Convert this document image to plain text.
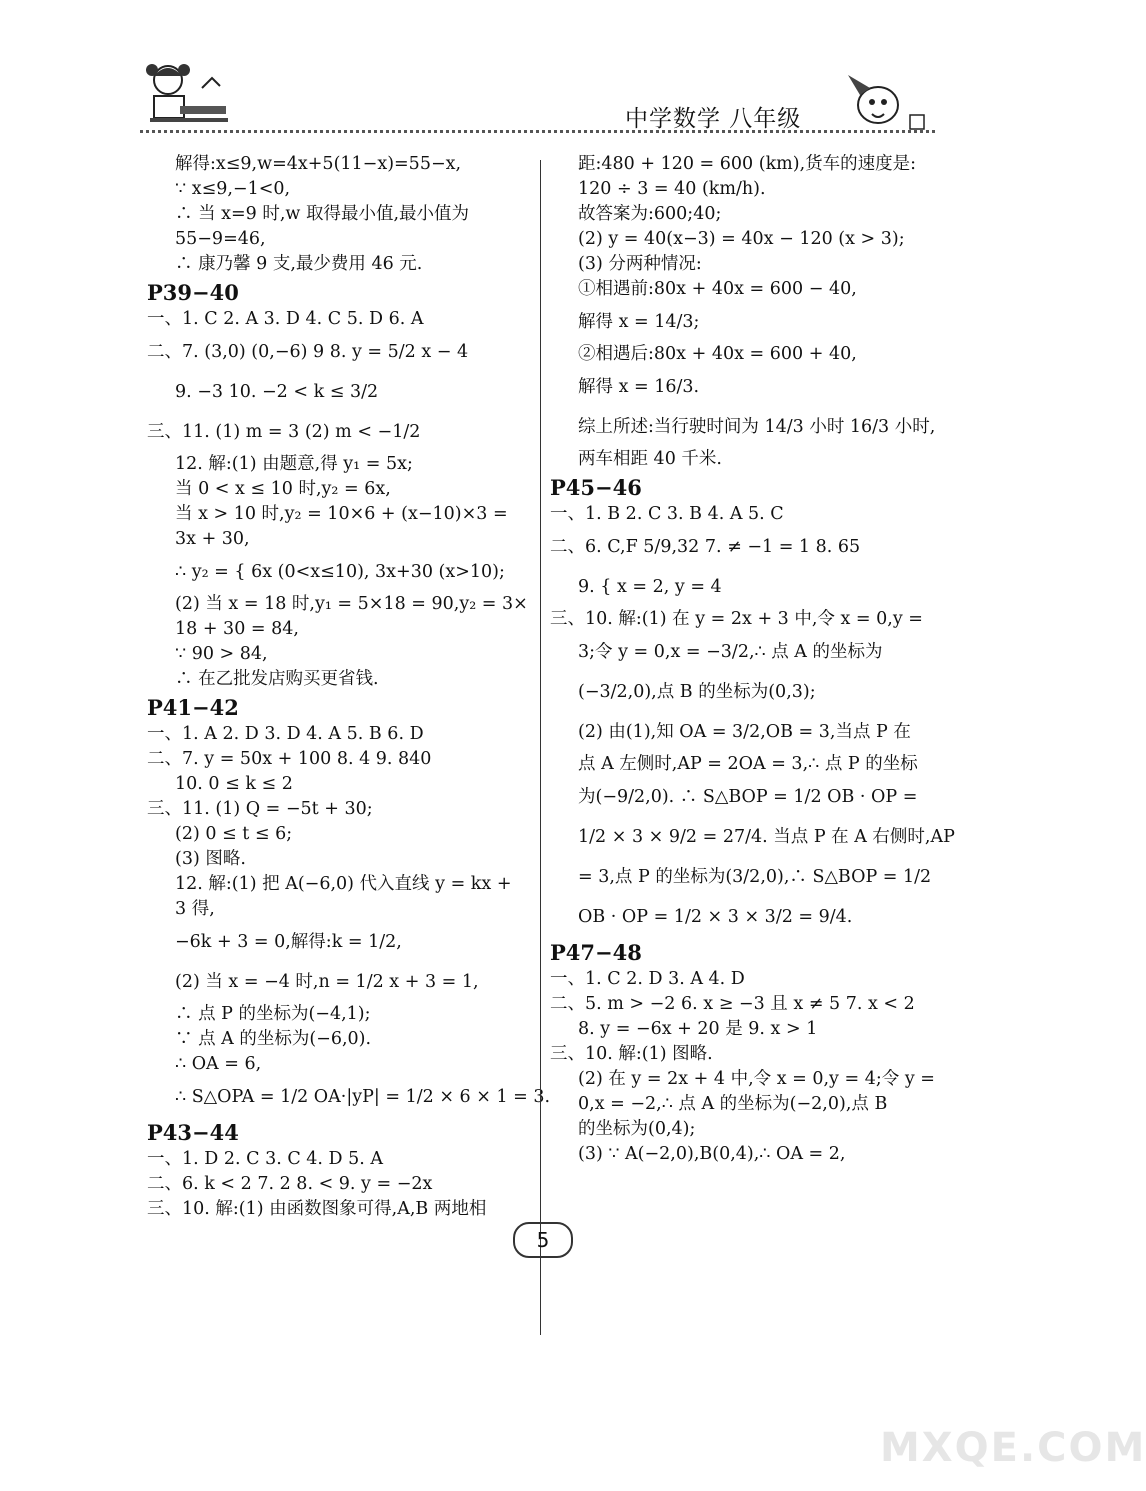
中学数学 八年级
解得:x≤9,w=4x+5(11−x)=55−x,
∵ x≤9,−1<0,
∴ 当 x=9 时,w 取得最小值,最小值为
55−9=46,
∴ 康乃馨 9 支,最少费用 46 元.
P39−40
一、1. C 2. A 3. D 4. C 5. D 6. A
二、7. (3,0) (0,−6) 9 8. y = 5/2 x − 4
9. −3 10. −2 < k ≤ 3/2
三、11. (1) m = 3 (2) m < −1/2
12. 解:(1) 由题意,得 y₁ = 5x;
当 0 < x ≤ 10 时,y₂ = 6x,
当 x > 10 时,y₂ = 10×6 + (x−10)×3 =
3x + 30,
∴ y₂ = { 6x (0<x≤10), 3x+30 (x>10);
(2) 当 x = 18 时,y₁ = 5×18 = 90,y₂ = 3×
18 + 30 = 84,
∵ 90 > 84,
∴ 在乙批发店购买更省钱.
P41−42
一、1. A 2. D 3. D 4. A 5. B 6. D
二、7. y = 50x + 100 8. 4 9. 840
10. 0 ≤ k ≤ 2
三、11. (1) Q = −5t + 30;
(2) 0 ≤ t ≤ 6;
(3) 图略.
12. 解:(1) 把 A(−6,0) 代入直线 y = kx +
3 得,
−6k + 3 = 0,解得:k = 1/2,
(2) 当 x = −4 时,n = 1/2 x + 3 = 1,
∴ 点 P 的坐标为(−4,1);
∵ 点 A 的坐标为(−6,0).
∴ OA = 6,
∴ S△OPA = 1/2 OA·|yP| = 1/2 × 6 × 1 = 3.
P43−44
一、1. D 2. C 3. C 4. D 5. A
二、6. k < 2 7. 2 8. < 9. y = −2x
三、10. 解:(1) 由函数图象可得,A,B 两地相
距:480 + 120 = 600 (km),货车的速度是:
120 ÷ 3 = 40 (km/h).
故答案为:600;40;
(2) y = 40(x−3) = 40x − 120 (x > 3);
(3) 分两种情况:
①相遇前:80x + 40x = 600 − 40,
解得 x = 14/3;
②相遇后:80x + 40x = 600 + 40,
解得 x = 16/3.
综上所述:当行驶时间为 14/3 小时 16/3 小时,
两车相距 40 千米.
P45−46
一、1. B 2. C 3. B 4. A 5. C
二、6. C,F 5/9,32 7. ≠ −1 = 1 8. 65
9. { x = 2, y = 4
三、10. 解:(1) 在 y = 2x + 3 中,令 x = 0,y =
3;令 y = 0,x = −3/2,∴ 点 A 的坐标为
(−3/2,0),点 B 的坐标为(0,3);
(2) 由(1),知 OA = 3/2,OB = 3,当点 P 在
点 A 左侧时,AP = 2OA = 3,∴ 点 P 的坐标
为(−9/2,0). ∴ S△BOP = 1/2 OB · OP =
1/2 × 3 × 9/2 = 27/4. 当点 P 在 A 右侧时,AP
= 3,点 P 的坐标为(3/2,0),∴ S△BOP = 1/2
OB · OP = 1/2 × 3 × 3/2 = 9/4.
P47−48
一、1. C 2. D 3. A 4. D
二、5. m > −2 6. x ≥ −3 且 x ≠ 5 7. x < 2
8. y = −6x + 20 是 9. x > 1
三、10. 解:(1) 图略.
(2) 在 y = 2x + 4 中,令 x = 0,y = 4;令 y =
0,x = −2,∴ 点 A 的坐标为(−2,0),点 B
的坐标为(0,4);
(3) ∵ A(−2,0),B(0,4),∴ OA = 2,
5
MXQE.COM
